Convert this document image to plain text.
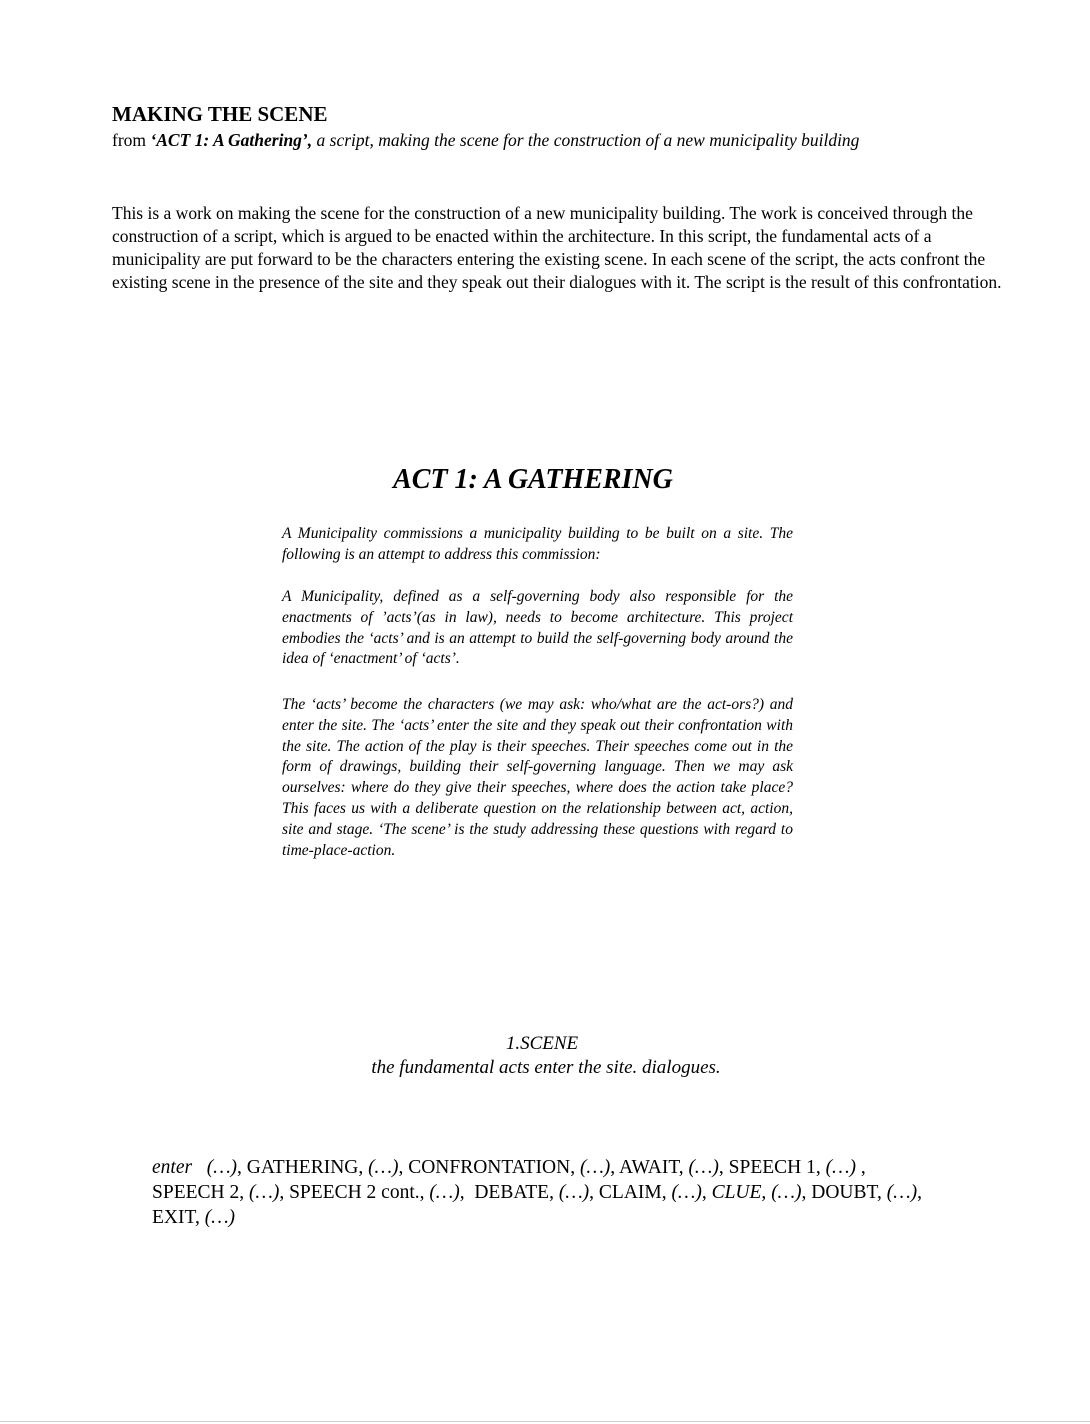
MAKING THE SCENE
from ‘ACT 1: A Gathering’, a script, making the scene for the construction of a new municipality building

This is a work on making the scene for the construction of a new municipality building. The work is conceived through the construction of a script, which is argued to be enacted within the architecture. In this script, the fundamental acts of a municipality are put forward to be the characters entering the existing scene. In each scene of the script, the acts confront the existing scene in the presence of the site and they speak out their dialogues with it. The script is the result of this confrontation.

ACT 1: A GATHERING

A Municipality commissions a municipality building to be built on a site. The following is an attempt to address this commission:

A Municipality, defined as a self-governing body also responsible for the enactments of ’acts’(as in law), needs to become architecture. This project embodies the ‘acts’ and is an attempt to build the self-governing body around the idea of ‘enactment’ of ‘acts’.

The ‘acts’ become the characters (we may ask: who/what are the act-ors?) and enter the site. The ‘acts’ enter the site and they speak out their confrontation with the site. The action of the play is their speeches. Their speeches come out in the form of drawings, building their self-governing language. Then we may ask ourselves: where do they give their speeches, where does the action take place? This faces us with a deliberate question on the relationship between act, action, site and stage. ‘The scene’ is the study addressing these questions with regard to time-place-action.

1.SCENE
the fundamental acts enter the site. dialogues.

enter (…), GATHERING, (…), CONFRONTATION, (…), AWAIT, (…), SPEECH 1, (…) ,
SPEECH 2, (…), SPEECH 2 cont., (…),  DEBATE, (…), CLAIM, (…), CLUE, (…), DOUBT, (…),
EXIT, (…)
